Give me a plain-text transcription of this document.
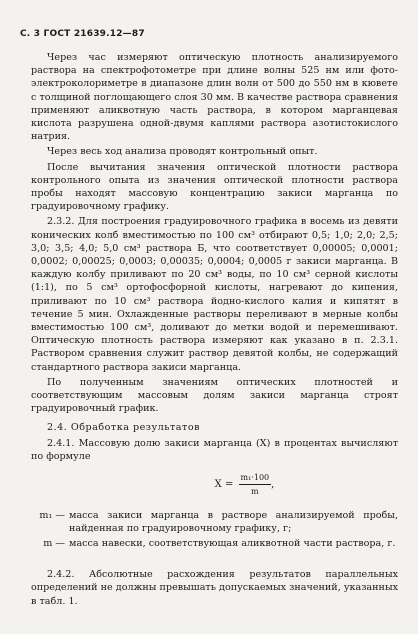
С. 3 ГОСТ 21639.12—87

Через час измеряют оптическую плотность анализируемого раствора на спектрофотометре при длине волны 525 нм или фото-электроколориметре в диапазоне длин волн от 500 до 550 нм в кювете с толщиной поглощающего слоя 30 мм. В качестве раствора сравнения применяют аликвотную часть раствора, в котором марганцевая кислота разрушена одной-двумя каплями раствора азотистокислого натрия.

Через весь ход анализа проводят контрольный опыт.

После вычитания значения оптической плотности раствора контрольного опыта из значения оптической плотности раствора пробы находят массовую концентрацию закиси марганца по градуировочному графику.

2.3.2. Для построения градуировочного графика в восемь из девяти конических колб вместимостью по 100 см³ отбирают 0,5; 1,0; 2,0; 2,5; 3,0; 3,5; 4,0; 5,0 см³ раствора Б, что соответствует 0,00005; 0,0001; 0,0002; 0,00025; 0,0003; 0,00035; 0,0004; 0,0005 г закиси марганца. В каждую колбу приливают по 20 см³ воды, по 10 см³ серной кислоты (1:1), по 5 см³ ортофосфорной кислоты, нагревают до кипения, приливают по 10 см³ раствора йодно-кислого калия и кипятят в течение 5 мин. Охлажденные растворы переливают в мерные колбы вместимостью 100 см³, доливают до метки водой и перемешивают. Оптическую плотность раствора измеряют как указано в п. 2.3.1. Раствором сравнения служит раствор девятой колбы, не содержащий стандартного раствора закиси марганца.

По полученным значениям оптических плотностей и соответствующим массовым долям закиси марганца строят градуировочный график.

2.4. Обработка результатов

2.4.1. Массовую долю закиси марганца (X) в процентах вычисляют по формуле

$X = \frac{\text{m₁·100}}{m}$ ,
m₁ — масса закиси марганца в растворе анализируемой пробы, найденная по градуировочному графику, г;
m — масса навески, соответствующая аликвотной части раствора, г.

2.4.2. Абсолютные расхождения результатов параллельных определений не должны превышать допускаемых значений, указанных в табл. 1.
